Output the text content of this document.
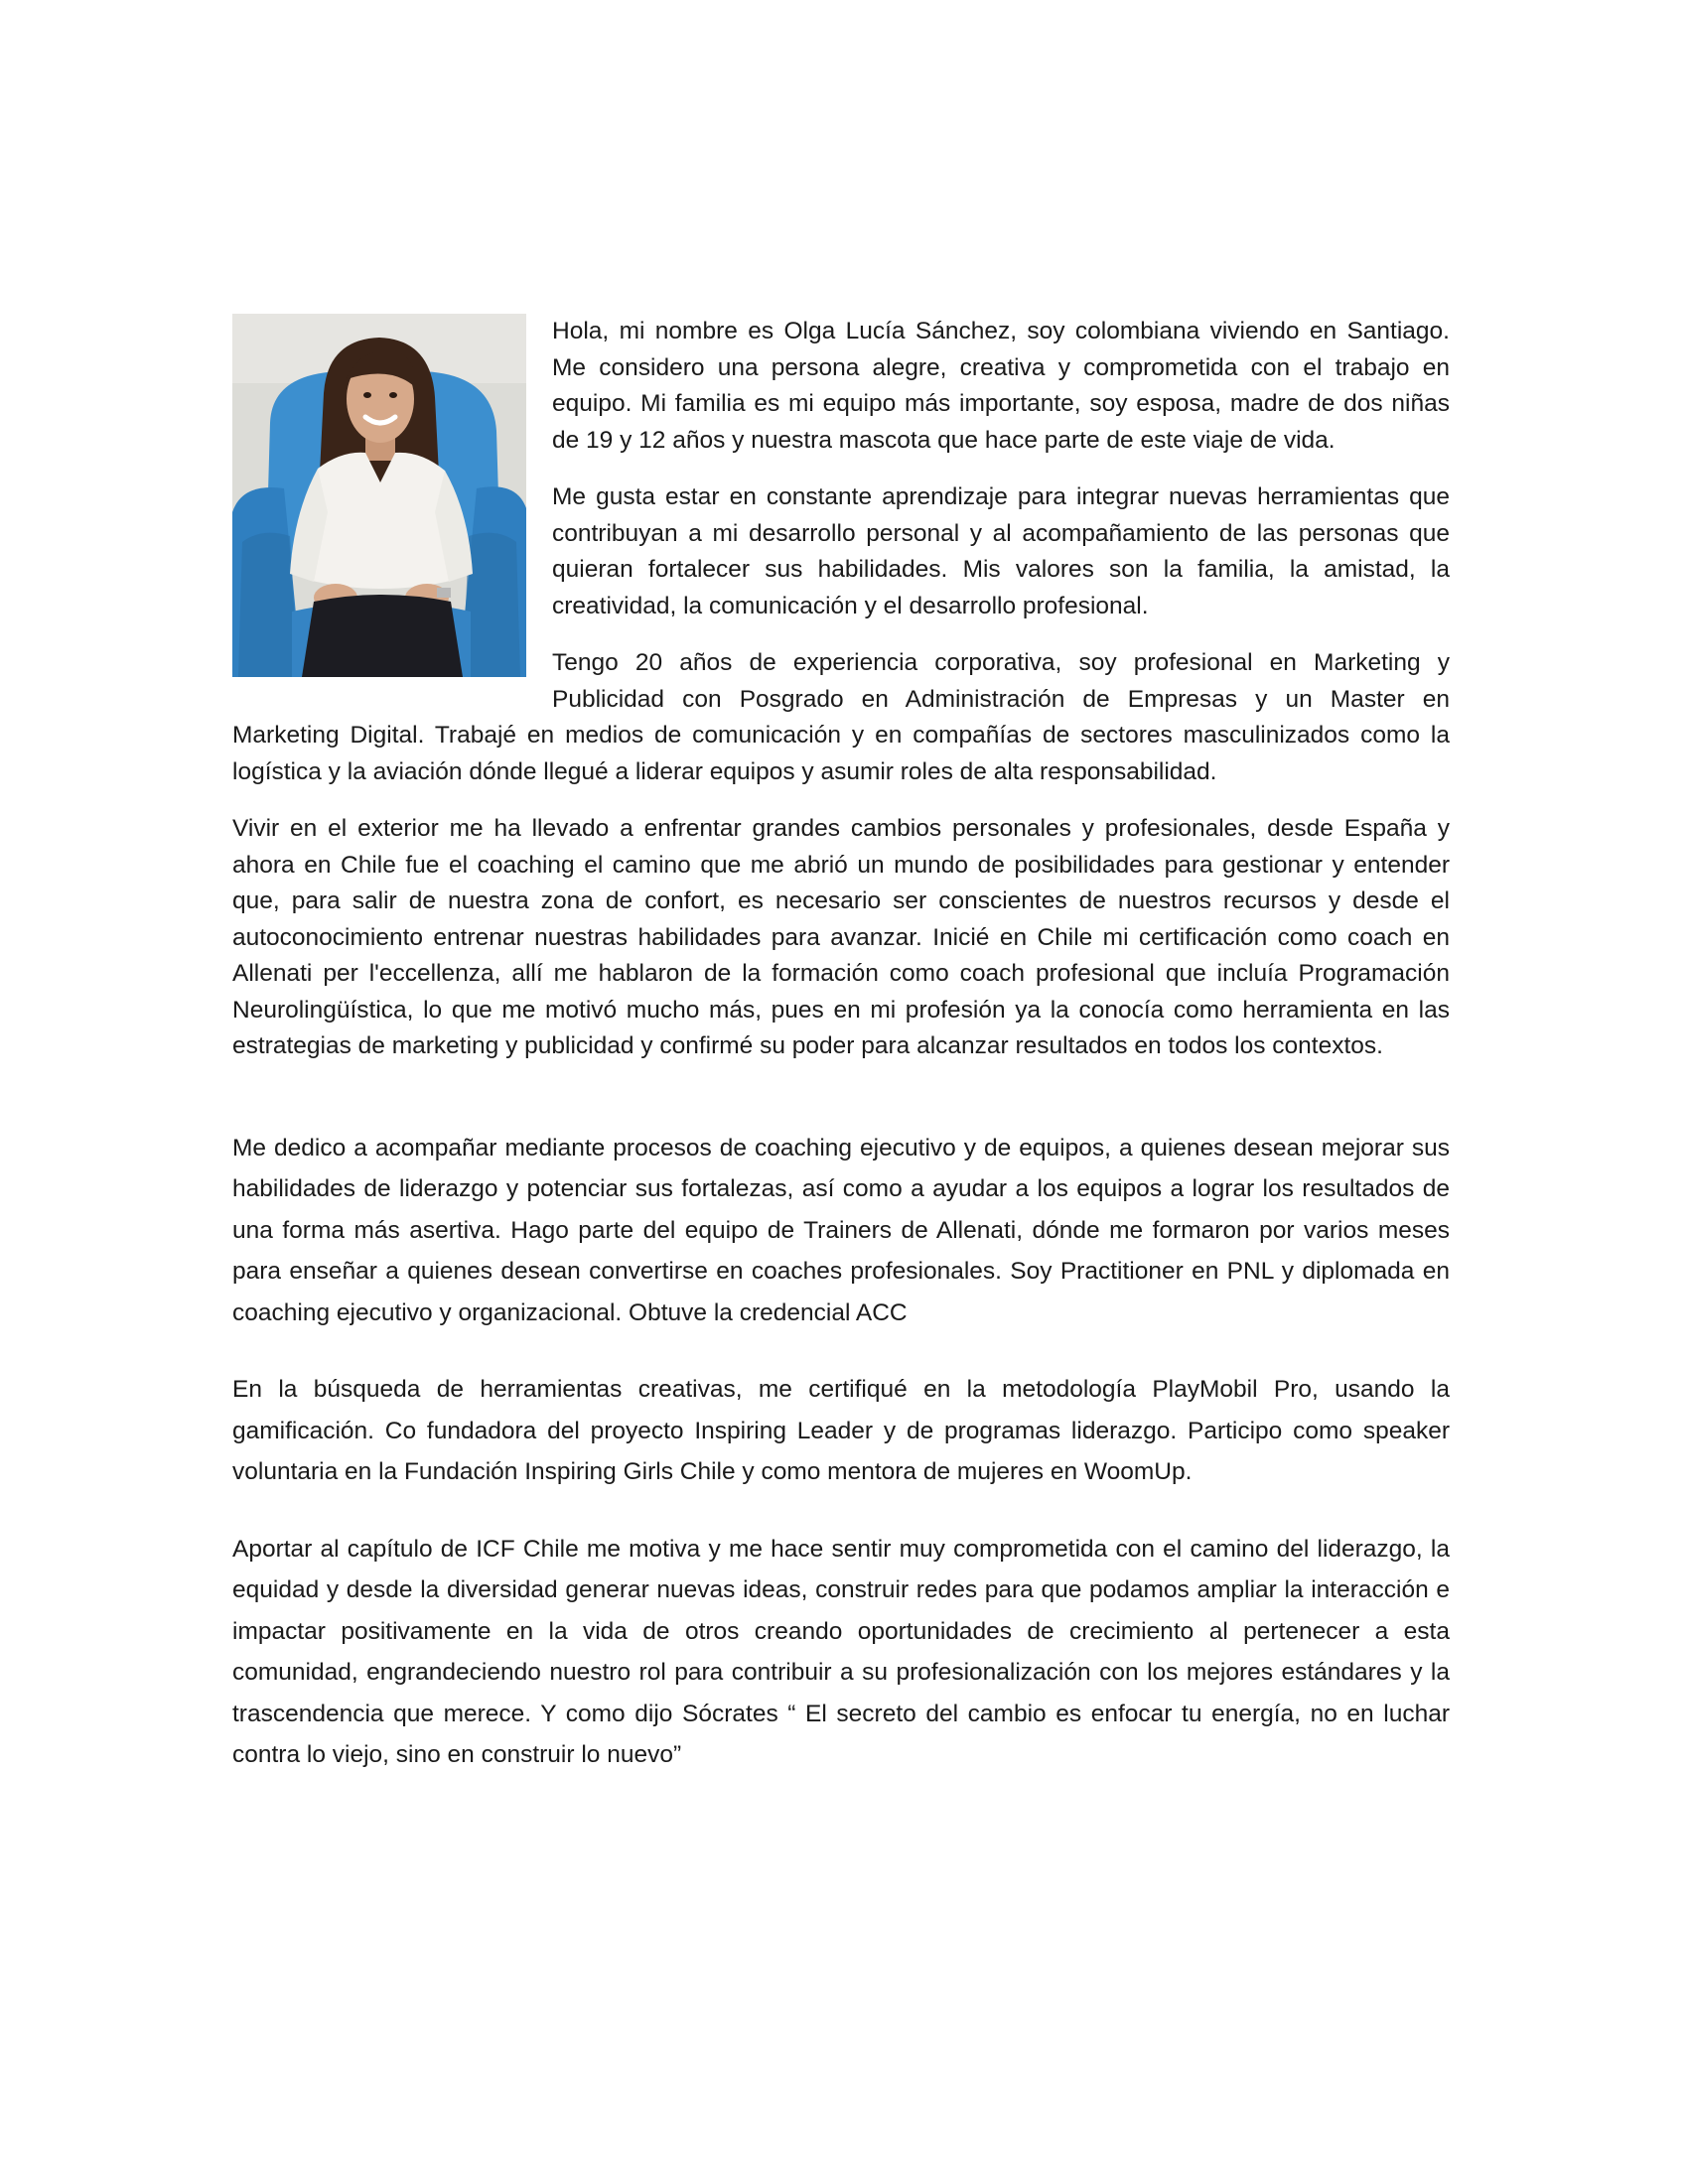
Hola, mi nombre es Olga Lucía Sánchez, soy colombiana viviendo en Santiago. Me considero una persona alegre, creativa y comprometida con el trabajo en equipo. Mi familia es mi equipo más importante, soy esposa, madre de dos niñas de 19 y 12 años y nuestra mascota que hace parte de este viaje de vida.

Me gusta estar en constante aprendizaje para integrar nuevas herramientas que contribuyan a mi desarrollo personal y al acompañamiento de las personas que quieran fortalecer sus habilidades. Mis valores son la familia, la amistad, la creatividad, la comunicación y el desarrollo profesional.

Tengo 20 años de experiencia corporativa, soy profesional en Marketing y Publicidad con Posgrado en Administración de Empresas y un Master en Marketing Digital. Trabajé en medios de comunicación y en compañías de sectores masculinizados como la logística y la aviación dónde llegué a liderar equipos y asumir roles de alta responsabilidad.

Vivir en el exterior me ha llevado a enfrentar grandes cambios personales y profesionales, desde España y ahora en Chile fue el coaching el camino que me abrió un mundo de posibilidades para gestionar y entender que, para salir de nuestra zona de confort, es necesario ser conscientes de nuestros recursos y desde el autoconocimiento entrenar nuestras habilidades para avanzar. Inicié en Chile mi certificación como coach en Allenati per l'eccellenza, allí me hablaron de la formación como coach profesional que incluía Programación Neurolingüística, lo que me motivó mucho más, pues en mi profesión ya la conocía como herramienta en las estrategias de marketing y publicidad y confirmé su poder para alcanzar resultados en todos los contextos.

Me dedico a acompañar mediante procesos de coaching ejecutivo y de equipos, a quienes desean mejorar sus habilidades de liderazgo y potenciar sus fortalezas, así como a ayudar a los equipos a lograr los resultados de una forma más asertiva. Hago parte del equipo de Trainers de Allenati, dónde me formaron por varios meses para enseñar a quienes desean convertirse en coaches profesionales. Soy Practitioner en PNL y diplomada en coaching ejecutivo y organizacional. Obtuve la credencial ACC

En la búsqueda de herramientas creativas, me certifiqué en la metodología PlayMobil Pro, usando la gamificación. Co fundadora del proyecto Inspiring Leader y de programas liderazgo. Participo como speaker voluntaria en la Fundación Inspiring Girls Chile y como mentora de mujeres en WoomUp.

Aportar al capítulo de ICF Chile me motiva y me hace sentir muy comprometida con el camino del liderazgo, la equidad y desde la diversidad generar nuevas ideas, construir redes para que podamos ampliar la interacción e impactar positivamente en la vida de otros creando oportunidades de crecimiento al pertenecer a esta comunidad, engrandeciendo nuestro rol para contribuir a su profesionalización con los mejores estándares y la trascendencia que merece. Y como dijo Sócrates “ El secreto del cambio es enfocar tu energía, no en luchar contra lo viejo, sino en construir lo nuevo”
